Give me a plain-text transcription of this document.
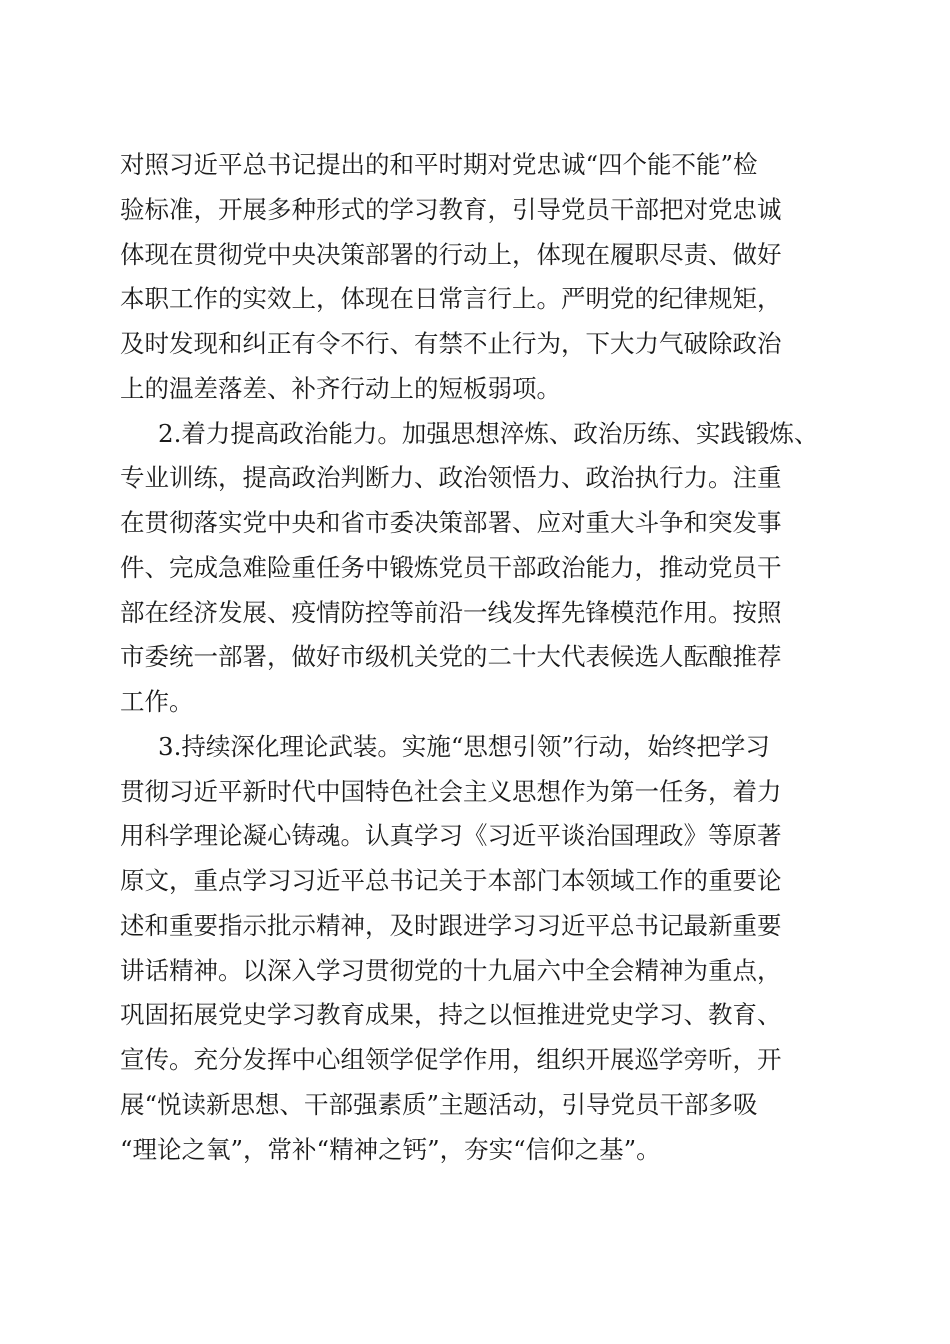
对照习近平总书记提出的和平时期对党忠诚“四个能不能”检
验标准，开展多种形式的学习教育，引导党员干部把对党忠诚
体现在贯彻党中央决策部署的行动上，体现在履职尽责、做好
本职工作的实效上，体现在日常言行上。严明党的纪律规矩，
及时发现和纠正有令不行、有禁不止行为，下大力气破除政治
上的温差落差、补齐行动上的短板弱项。
2.着力提高政治能力。加强思想淬炼、政治历练、实践锻炼、
专业训练，提高政治判断力、政治领悟力、政治执行力。注重
在贯彻落实党中央和省市委决策部署、应对重大斗争和突发事
件、完成急难险重任务中锻炼党员干部政治能力，推动党员干
部在经济发展、疫情防控等前沿一线发挥先锋模范作用。按照
市委统一部署，做好市级机关党的二十大代表候选人酝酿推荐
工作。
3.持续深化理论武装。实施“思想引领”行动，始终把学习
贯彻习近平新时代中国特色社会主义思想作为第一任务，着力
用科学理论凝心铸魂。认真学习《习近平谈治国理政》等原著
原文，重点学习习近平总书记关于本部门本领域工作的重要论
述和重要指示批示精神，及时跟进学习习近平总书记最新重要
讲话精神。以深入学习贯彻党的十九届六中全会精神为重点，
巩固拓展党史学习教育成果，持之以恒推进党史学习、教育、
宣传。充分发挥中心组领学促学作用，组织开展巡学旁听，开
展“悦读新思想、干部强素质”主题活动，引导党员干部多吸
“理论之氧”，常补“精神之钙”，夯实“信仰之基”。
